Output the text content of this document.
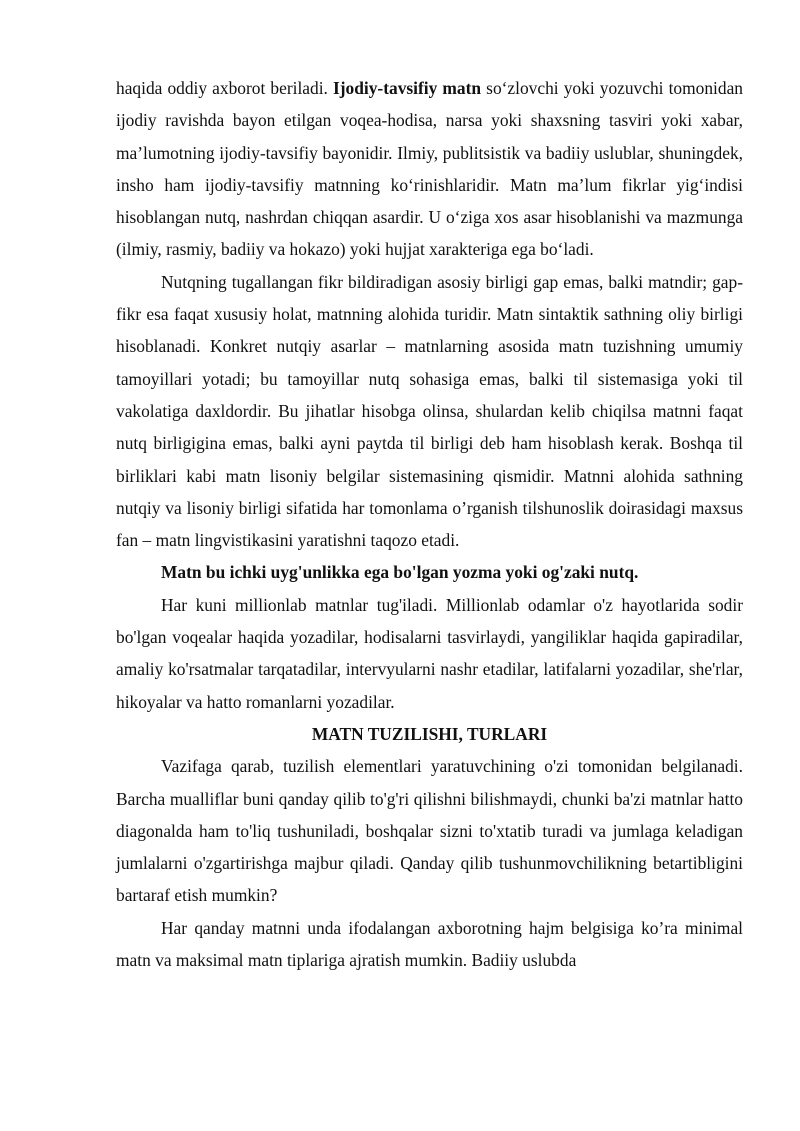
haqida oddiy axborot beriladi. Ijodiy-tavsifiy matn so‘zlovchi yoki yozuvchi tomonidan ijodiy ravishda bayon etilgan voqea-hodisa, narsa yoki shaxsning tasviri yoki xabar, ma’lumotning ijodiy-tavsifiy bayonidir. Ilmiy, publitsistik va badiiy uslublar, shuningdek, insho ham ijodiy-tavsifiy matnning ko‘rinishlaridir. Matn ma’lum fikrlar yig‘indisi hisoblangan nutq, nashrdan chiqqan asardir. U o‘ziga xos asar hisoblanishi va mazmunga (ilmiy, rasmiy, badiiy va hokazo) yoki hujjat xarakteriga ega bo‘ladi.

Nutqning tugallangan fikr bildiradigan asosiy birligi gap emas, balki matndir; gap-fikr esa faqat xususiy holat, matnning alohida turidir. Matn sintaktik sathning oliy birligi hisoblanadi. Konkret nutqiy asarlar – matnlarning asosida matn tuzishning umumiy tamoyillari yotadi; bu tamoyillar nutq sohasiga emas, balki til sistemasiga yoki til vakolatiga daxldordir. Bu jihatlar hisobga olinsa, shulardan kelib chiqilsa matnni faqat nutq birligigina emas, balki ayni paytda til birligi deb ham hisoblash kerak. Boshqa til birliklari kabi matn lisoniy belgilar sistemasining qismidir. Matnni alohida sathning nutqiy va lisoniy birligi sifatida har tomonlama o’rganish tilshunoslik doirasidagi maxsus fan – matn lingvistikasini yaratishni taqozo etadi.

Matn bu ichki uyg'unlikka ega bo'lgan yozma yoki og'zaki nutq.

Har kuni millionlab matnlar tug'iladi. Millionlab odamlar o'z hayotlarida sodir bo'lgan voqealar haqida yozadilar, hodisalarni tasvirlaydi, yangiliklar haqida gapiradilar, amaliy ko'rsatmalar tarqatadilar, intervyularni nashr etadilar, latifalarni yozadilar, she'rlar, hikoyalar va hatto romanlarni yozadilar.

MATN TUZILISHI, TURLARI

Vazifaga qarab, tuzilish elementlari yaratuvchining o'zi tomonidan belgilanadi. Barcha mualliflar buni qanday qilib to'g'ri qilishni bilishmaydi, chunki ba'zi matnlar hatto diagonalda ham to'liq tushuniladi, boshqalar sizni to'xtatib turadi va jumlaga keladigan jumlalarni o'zgartirishga majbur qiladi. Qanday qilib tushunmovchilikning betartibligini bartaraf etish mumkin?

Har qanday matnni unda ifodalangan axborotning hajm belgisiga ko’ra minimal matn va maksimal matn tiplariga ajratish mumkin. Badiiy uslubda
